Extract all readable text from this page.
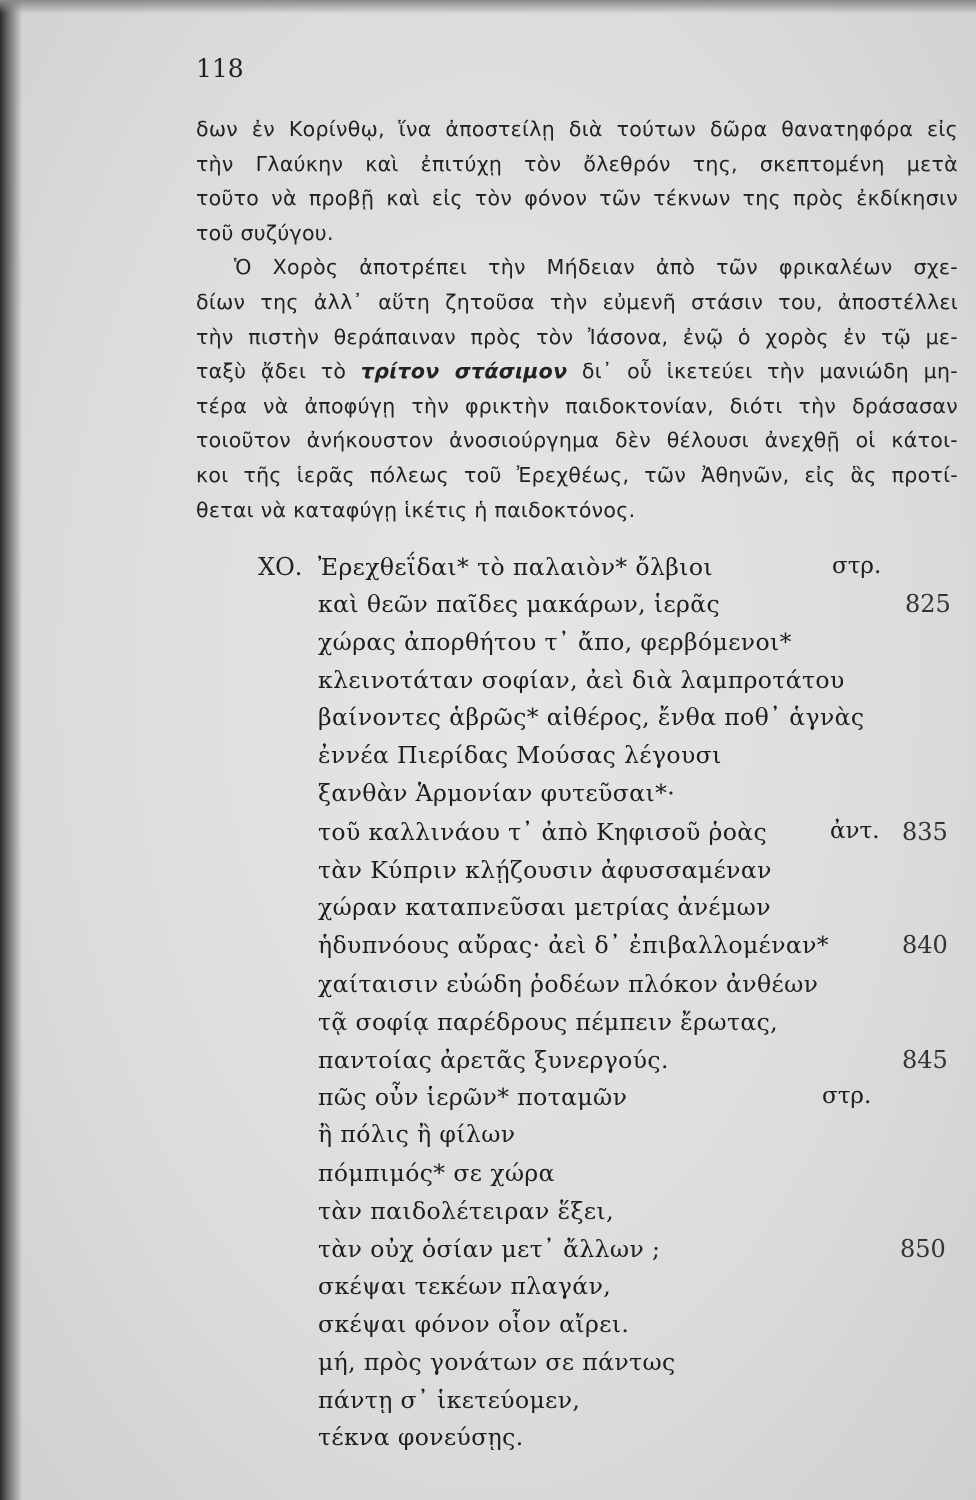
118

δων ἐν Κορίνθῳ, ἵνα ἀποστείλῃ διὰ τούτων δῶρα θανατηφόρα εἰς
τὴν Γλαύκην καὶ ἐπιτύχῃ τὸν ὄλεθρόν της, σκεπτομένη μετὰ
τοῦτο νὰ προβῇ καὶ εἰς τὸν φόνον τῶν τέκνων της πρὸς ἐκδίκησιν
τοῦ συζύγου.

Ὁ Χορὸς ἀποτρέπει τὴν Μήδειαν ἀπὸ τῶν φρικαλέων σχε-
δίων της ἀλλ᾽ αὕτη ζητοῦσα τὴν εὐμενῆ στάσιν του, ἀποστέλλει
τὴν πιστὴν θεράπαιναν πρὸς τὸν Ἰάσονα, ἐνῷ ὁ χορὸς ἐν τῷ με-
ταξὺ ᾄδει τὸ τρίτον στάσιμον δι᾽ οὗ ἱκετεύει τὴν μανιώδη μη-
τέρα νὰ ἀποφύγῃ τὴν φρικτὴν παιδοκτονίαν, διότι τὴν δράσασαν
τοιοῦτον ἀνήκουστον ἀνοσιούργημα δὲν θέλουσι ἀνεχθῇ οἱ κάτοι-
κοι τῆς ἱερᾶς πόλεως τοῦ Ἐρεχθέως, τῶν Ἀθηνῶν, εἰς ἃς προτί-
θεται νὰ καταφύγῃ ἱκέτις ἡ παιδοκτόνος.

ΧΟ. Ἐρεχθεΐδαι* τὸ παλαιὸν* ὄλβιοι
καὶ θεῶν παῖδες μακάρων, ἱερᾶς
χώρας ἀπορθήτου τ᾽ ἄπο, φερβόμενοι*
κλεινοτάταν σοφίαν, ἀεὶ διὰ λαμπροτάτου
βαίνοντες ἁβρῶς* αἰθέρος, ἔνθα ποθ᾽ ἁγνὰς
ἐννέα Πιερίδας Μούσας λέγουσι
ξανθὰν Ἁρμονίαν φυτεῦσαι*·
τοῦ καλλινάου τ᾽ ἀπὸ Κηφισοῦ ῥοὰς
τὰν Κύπριν κλῄζουσιν ἀφυσσαμέναν
χώραν καταπνεῦσαι μετρίας ἀνέμων
ἡδυπνόους αὔρας· ἀεὶ δ᾽ ἐπιβαλλομέναν*
χαίταισιν εὐώδη ῥοδέων πλόκον ἀνθέων
τᾷ σοφίᾳ παρέδρους πέμπειν ἔρωτας,
παντοίας ἀρετᾶς ξυνεργούς.
πῶς οὖν ἱερῶν* ποταμῶν
ἢ πόλις ἢ φίλων
πόμπιμός* σε χώρα
τὰν παιδολέτειραν ἕξει,
τὰν οὐχ ὁσίαν μετ᾽ ἄλλων ;
σκέψαι τεκέων πλαγάν,
σκέψαι φόνον οἷον αἴρει.
μή, πρὸς γονάτων σε πάντως
πάντῃ σ᾽ ἱκετεύομεν,
τέκνα φονεύσῃς.
στρ.
ἀντ.
στρ.
825
835
840
845
850
